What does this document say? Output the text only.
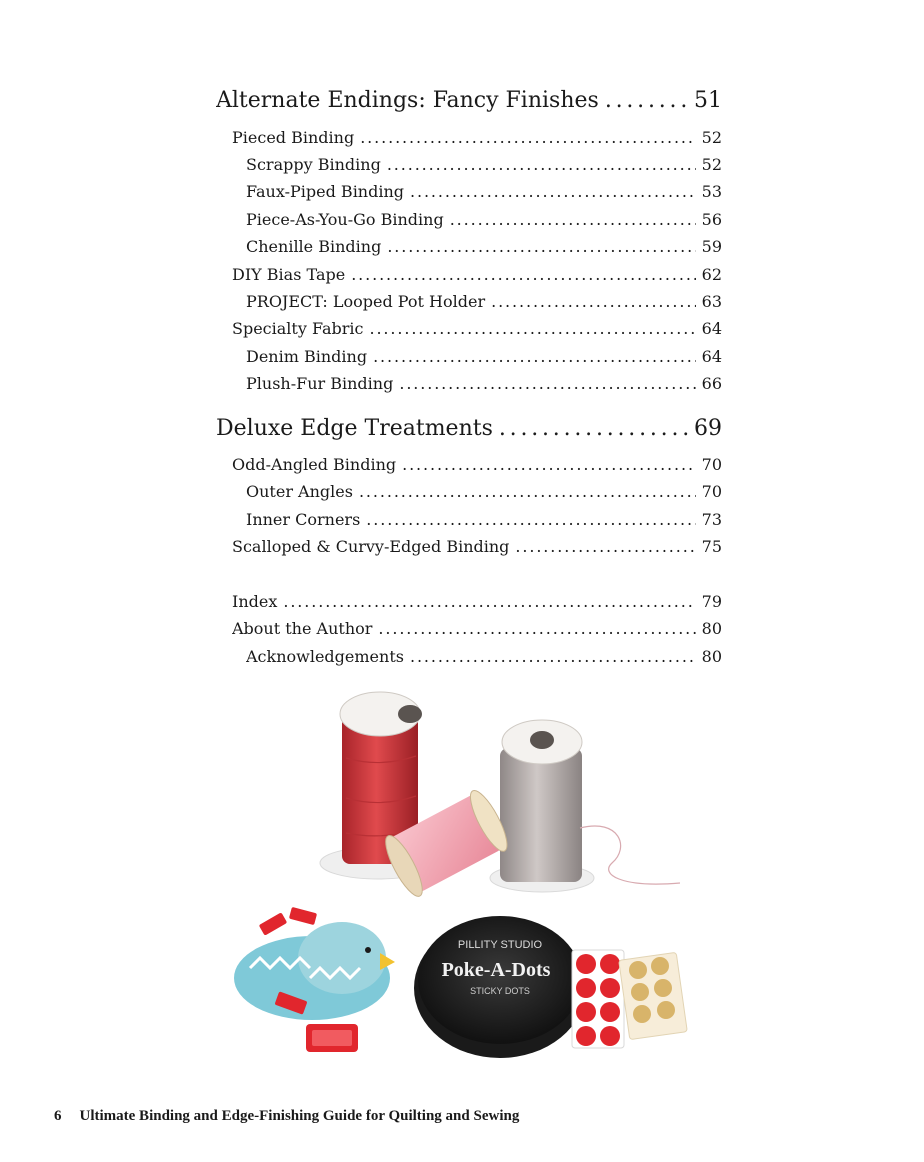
Alternate Endings: Fancy Finishes . . .	51
Pieced Binding . . .	52
Scrappy Binding . . .	52
Faux-Piped Binding . . .	53
Piece-As-You-Go Binding . . .	56
Chenille Binding . . .	59
DIY Bias Tape . . .	62
PROJECT: Looped Pot Holder . . .	63
Specialty Fabric . . .	64
Denim Binding . . .	64
Plush-Fur Binding . . .	66
Deluxe Edge Treatments . . .	69
Odd-Angled Binding . . .	70
Outer Angles . . .	70
Inner Corners . . .	73
Scalloped & Curvy-Edged Binding . . .	75
Index . . .	79
About the Author . . .	80
Acknowledgements . . .	80
PILLITY STUDIO
Poke-A-Dots
STICKY DOTS
6 Ultimate Binding and Edge-Finishing Guide for Quilting and Sewing
